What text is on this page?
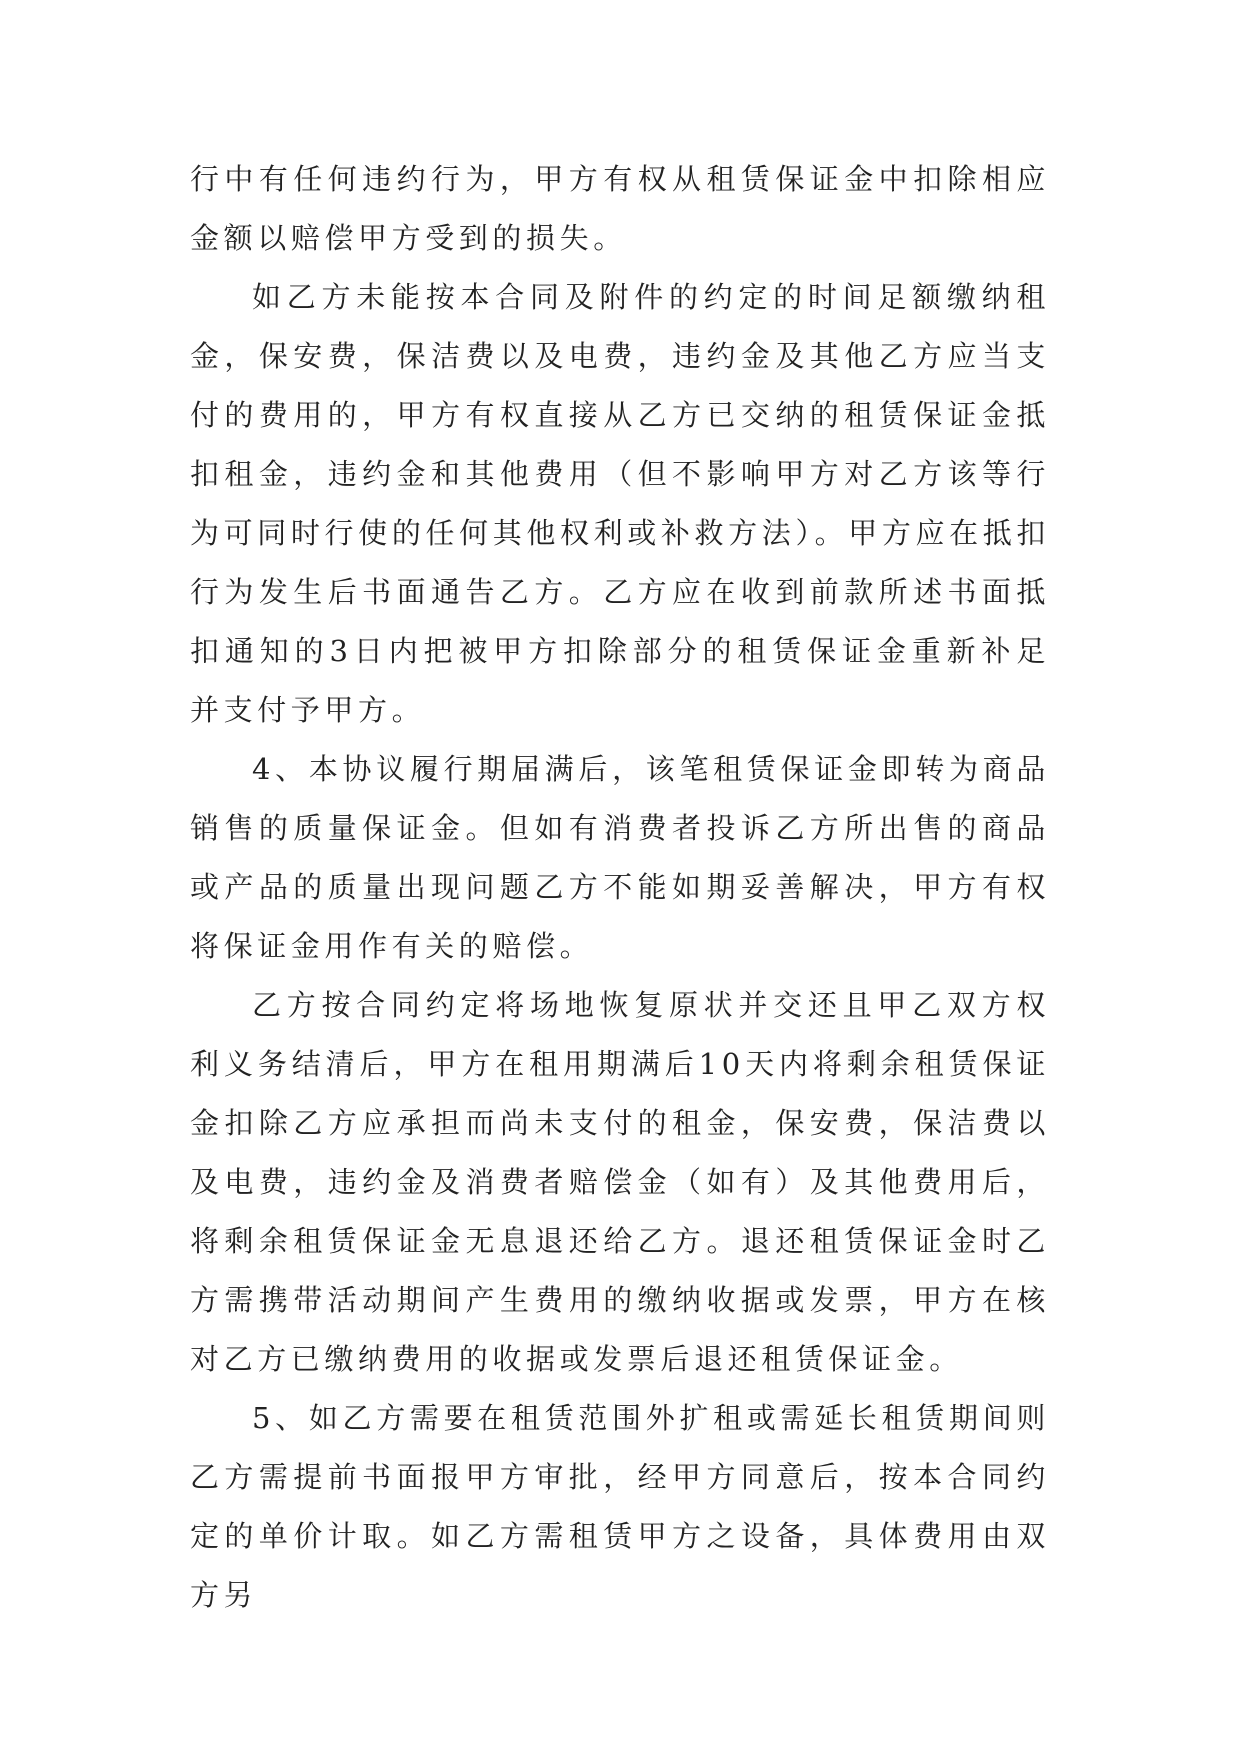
行中有任何违约行为，甲方有权从租赁保证金中扣除相应金额以赔偿甲方受到的损失。

如乙方未能按本合同及附件的约定的时间足额缴纳租金，保安费，保洁费以及电费，违约金及其他乙方应当支付的费用的，甲方有权直接从乙方已交纳的租赁保证金抵扣租金，违约金和其他费用（但不影响甲方对乙方该等行为可同时行使的任何其他权利或补救方法）。甲方应在抵扣行为发生后书面通告乙方。乙方应在收到前款所述书面抵扣通知的3日内把被甲方扣除部分的租赁保证金重新补足并支付予甲方。

4、本协议履行期届满后，该笔租赁保证金即转为商品销售的质量保证金。但如有消费者投诉乙方所出售的商品或产品的质量出现问题乙方不能如期妥善解决，甲方有权将保证金用作有关的赔偿。

乙方按合同约定将场地恢复原状并交还且甲乙双方权利义务结清后，甲方在租用期满后10天内将剩余租赁保证金扣除乙方应承担而尚未支付的租金，保安费，保洁费以及电费，违约金及消费者赔偿金（如有）及其他费用后，将剩余租赁保证金无息退还给乙方。退还租赁保证金时乙方需携带活动期间产生费用的缴纳收据或发票，甲方在核对乙方已缴纳费用的收据或发票后退还租赁保证金。

5、如乙方需要在租赁范围外扩租或需延长租赁期间则乙方需提前书面报甲方审批，经甲方同意后，按本合同约定的单价计取。如乙方需租赁甲方之设备，具体费用由双方另
